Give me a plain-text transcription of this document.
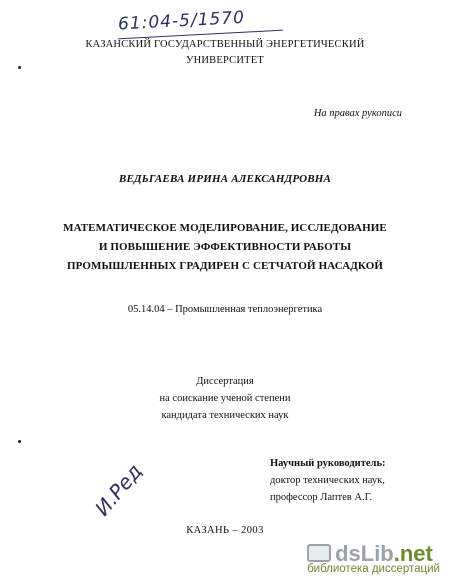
61:04-5/1570
КАЗАНСКИЙ ГОСУДАРСТВЕННЫЙ ЭНЕРГЕТИЧЕСКИЙ
УНИВЕРСИТЕТ
На правах рукописи
ВЕДЬГАЕВА ИРИНА АЛЕКСАНДРОВНА
МАТЕМАТИЧЕСКОЕ МОДЕЛИРОВАНИЕ, ИССЛЕДОВАНИЕ
И ПОВЫШЕНИЕ ЭФФЕКТИВНОСТИ РАБОТЫ
ПРОМЫШЛЕННЫХ ГРАДИРЕН С СЕТЧАТОЙ НАСАДКОЙ
05.14.04 – Промышленная теплоэнергетика
Диссертация
на соискание ученой степени
кандидата технических наук
И.Ред	Научный руководитель:
доктор технических наук,
профессор Лаптев А.Г.
КАЗАНЬ – 2003
dsLib.net
библиотека диссертаций
